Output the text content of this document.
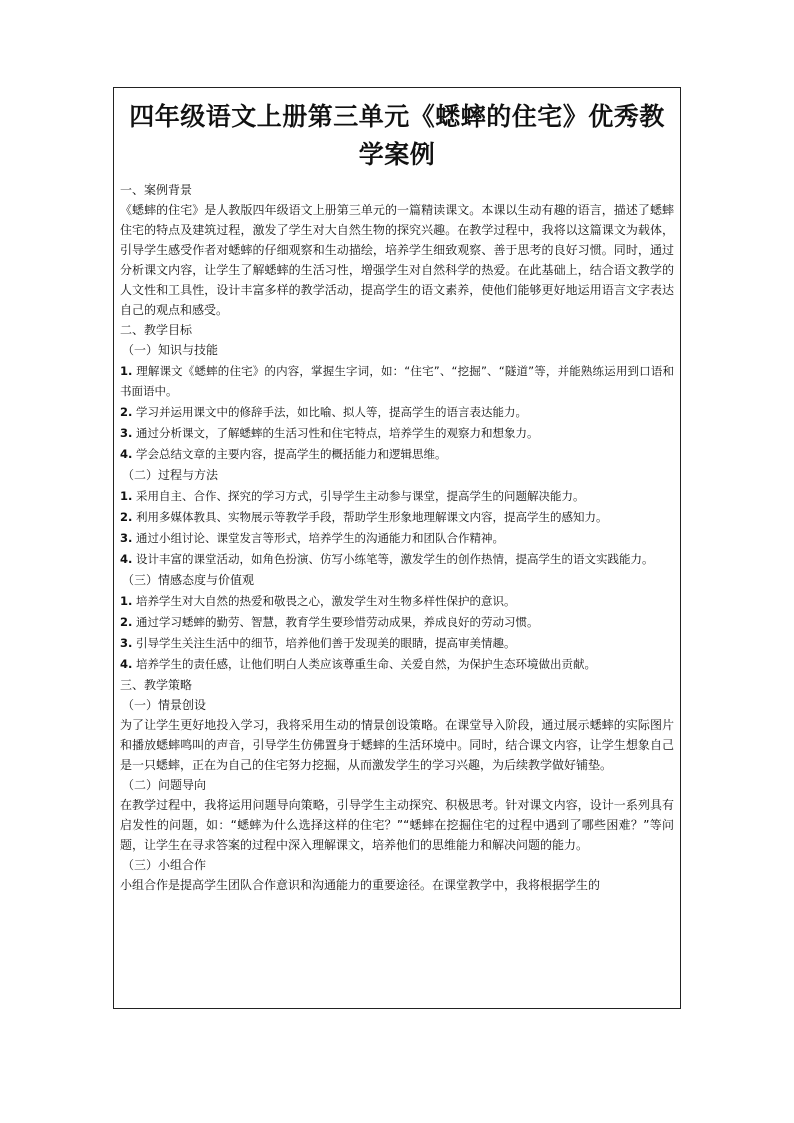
四年级语文上册第三单元《蟋蟀的住宅》优秀教学案例
一、案例背景

《蟋蟀的住宅》是人教版四年级语文上册第三单元的一篇精读课文。本课以生动有趣的语言，描述了蟋蟀住宅的特点及建筑过程，激发了学生对大自然生物的探究兴趣。在教学过程中，我将以这篇课文为载体，引导学生感受作者对蟋蟀的仔细观察和生动描绘，培养学生细致观察、善于思考的良好习惯。同时，通过分析课文内容，让学生了解蟋蟀的生活习性，增强学生对自然科学的热爱。在此基础上，结合语文教学的人文性和工具性，设计丰富多样的教学活动，提高学生的语文素养，使他们能够更好地运用语言文字表达自己的观点和感受。

二、教学目标
（一）知识与技能
1. 理解课文《蟋蟀的住宅》的内容，掌握生字词，如：“住宅”、“挖掘”、“隧道”等，并能熟练运用到口语和书面语中。
2. 学习并运用课文中的修辞手法，如比喻、拟人等，提高学生的语言表达能力。
3. 通过分析课文，了解蟋蟀的生活习性和住宅特点，培养学生的观察力和想象力。
4. 学会总结文章的主要内容，提高学生的概括能力和逻辑思维。
（二）过程与方法
1. 采用自主、合作、探究的学习方式，引导学生主动参与课堂，提高学生的问题解决能力。
2. 利用多媒体教具、实物展示等教学手段，帮助学生形象地理解课文内容，提高学生的感知力。
3. 通过小组讨论、课堂发言等形式，培养学生的沟通能力和团队合作精神。
4. 设计丰富的课堂活动，如角色扮演、仿写小练笔等，激发学生的创作热情，提高学生的语文实践能力。
（三）情感态度与价值观
1. 培养学生对大自然的热爱和敬畏之心，激发学生对生物多样性保护的意识。
2. 通过学习蟋蟀的勤劳、智慧，教育学生要珍惜劳动成果，养成良好的劳动习惯。
3. 引导学生关注生活中的细节，培养他们善于发现美的眼睛，提高审美情趣。
4. 培养学生的责任感，让他们明白人类应该尊重生命、关爱自然，为保护生态环境做出贡献。
三、教学策略
（一）情景创设

为了让学生更好地投入学习，我将采用生动的情景创设策略。在课堂导入阶段，通过展示蟋蟀的实际图片和播放蟋蟀鸣叫的声音，引导学生仿佛置身于蟋蟀的生活环境中。同时，结合课文内容，让学生想象自己是一只蟋蟀，正在为自己的住宅努力挖掘，从而激发学生的学习兴趣，为后续教学做好铺垫。

（二）问题导向

在教学过程中，我将运用问题导向策略，引导学生主动探究、积极思考。针对课文内容，设计一系列具有启发性的问题，如：“蟋蟀为什么选择这样的住宅？”“蟋蟀在挖掘住宅的过程中遇到了哪些困难？”等问题，让学生在寻求答案的过程中深入理解课文，培养他们的思维能力和解决问题的能力。

（三）小组合作

小组合作是提高学生团队合作意识和沟通能力的重要途径。在课堂教学中，我将根据学生的
